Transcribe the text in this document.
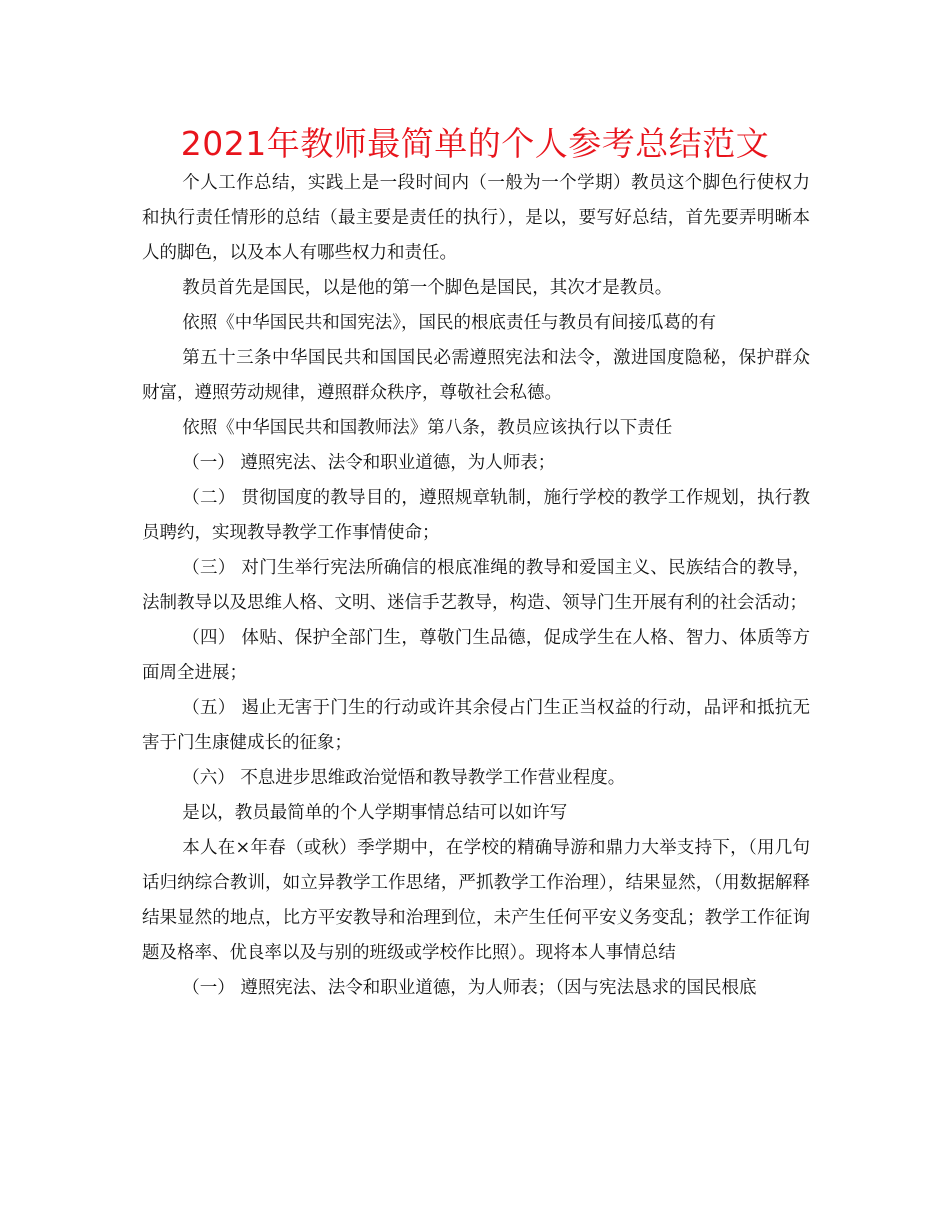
2021年教师最简单的个人参考总结范文

个人工作总结，实践上是一段时间内（一般为一个学期）教员这个脚色行使权力和执行责任情形的总结（最主要是责任的执行），是以，要写好总结，首先要弄明晰本人的脚色，以及本人有哪些权力和责任。

教员首先是国民，以是他的第一个脚色是国民，其次才是教员。

依照《中华国民共和国宪法》，国民的根底责任与教员有间接瓜葛的有

第五十三条中华国民共和国国民必需遵照宪法和法令，激进国度隐秘，保护群众财富，遵照劳动规律，遵照群众秩序，尊敬社会私德。

依照《中华国民共和国教师法》第八条，教员应该执行以下责任

（一） 遵照宪法、法令和职业道德，为人师表；

（二） 贯彻国度的教导目的，遵照规章轨制，施行学校的教学工作规划，执行教员聘约，实现教导教学工作事情使命；

（三） 对门生举行宪法所确信的根底准绳的教导和爱国主义、民族结合的教导，法制教导以及思维人格、文明、迷信手艺教导，构造、领导门生开展有利的社会活动；

（四） 体贴、保护全部门生，尊敬门生品德，促成学生在人格、智力、体质等方面周全进展；

（五） 遏止无害于门生的行动或许其余侵占门生正当权益的行动，品评和抵抗无害于门生康健成长的征象；

（六） 不息进步思维政治觉悟和教导教学工作营业程度。

是以，教员最简单的个人学期事情总结可以如许写

本人在×年春（或秋）季学期中，在学校的精确导游和鼎力大举支持下，（用几句话归纳综合教训，如立异教学工作思绪，严抓教学工作治理），结果显然，（用数据解释结果显然的地点，比方平安教导和治理到位，未产生任何平安义务变乱；教学工作征询题及格率、优良率以及与别的班级或学校作比照）。现将本人事情总结

（一） 遵照宪法、法令和职业道德，为人师表；（因与宪法恳求的国民根底
